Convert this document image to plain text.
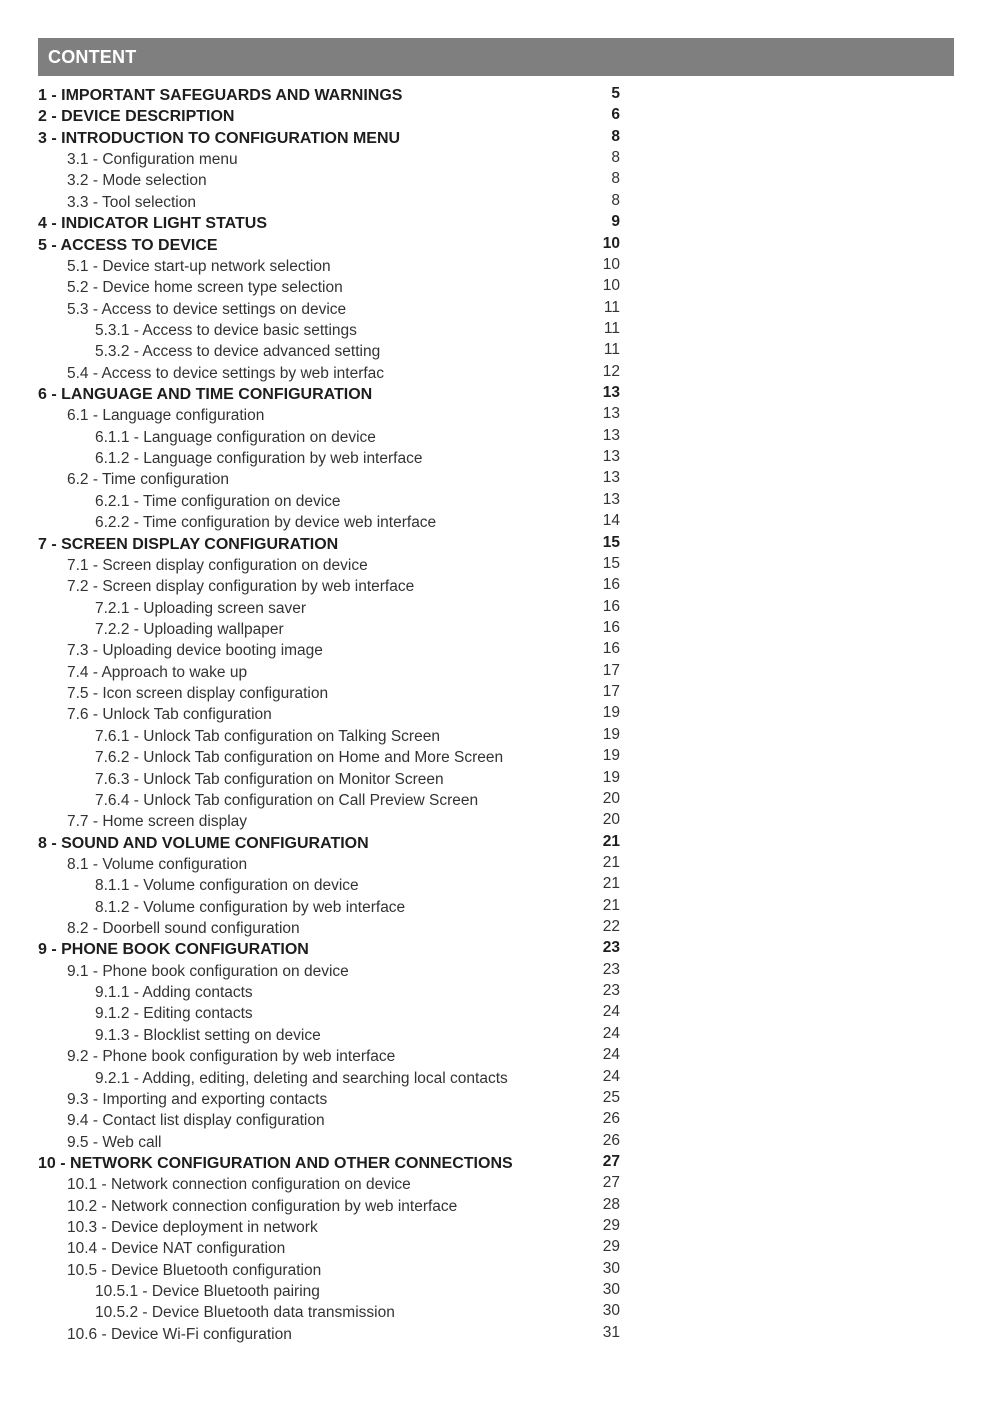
CONTENT
1 - IMPORTANT SAFEGUARDS AND WARNINGS	5
2 - DEVICE DESCRIPTION	6
3 - INTRODUCTION TO CONFIGURATION MENU	8
3.1 - Configuration menu	8
3.2 - Mode selection	8
3.3 - Tool selection	8
4 - INDICATOR LIGHT STATUS	9
5 - ACCESS TO DEVICE	10
5.1 - Device start-up network selection	10
5.2 - Device home screen type selection	10
5.3 - Access to device settings on device	11
5.3.1 - Access to device basic settings	11
5.3.2 - Access to device advanced setting	11
5.4 - Access to device settings by web interfac	12
6 - LANGUAGE AND TIME CONFIGURATION	13
6.1 - Language configuration	13
6.1.1 - Language configuration on device	13
6.1.2 - Language configuration by web interface	13
6.2 - Time configuration	13
6.2.1 - Time configuration on device	13
6.2.2 - Time configuration by device web interface	14
7 - SCREEN DISPLAY CONFIGURATION	15
7.1 - Screen display configuration on device	15
7.2 - Screen display configuration by web interface	16
7.2.1 - Uploading screen saver	16
7.2.2 - Uploading wallpaper	16
7.3 - Uploading device booting image	16
7.4 - Approach to wake up	17
7.5 - Icon screen display configuration	17
7.6 - Unlock Tab configuration	19
7.6.1 - Unlock Tab configuration on Talking Screen	19
7.6.2 - Unlock Tab configuration on Home and More Screen	19
7.6.3 - Unlock Tab configuration on Monitor Screen	19
7.6.4 - Unlock Tab configuration on Call Preview Screen	20
7.7 - Home screen display	20
8 - SOUND AND VOLUME CONFIGURATION	21
8.1 - Volume configuration	21
8.1.1 - Volume configuration on device	21
8.1.2 - Volume configuration by web interface	21
8.2 - Doorbell sound configuration	22
9 - PHONE BOOK CONFIGURATION	23
9.1 - Phone book configuration on device	23
9.1.1 - Adding contacts	23
9.1.2 - Editing contacts	24
9.1.3 - Blocklist setting on device	24
9.2 - Phone book configuration by web interface	24
9.2.1 - Adding, editing, deleting and searching local contacts	24
9.3 - Importing and exporting contacts	25
9.4 - Contact list display configuration	26
9.5 - Web call	26
10 - NETWORK CONFIGURATION AND OTHER CONNECTIONS	27
10.1 - Network connection configuration on device	27
10.2 - Network connection configuration by web interface	28
10.3 - Device deployment in network	29
10.4 - Device NAT configuration	29
10.5 - Device Bluetooth configuration	30
10.5.1 - Device Bluetooth pairing	30
10.5.2 - Device Bluetooth data transmission	30
10.6 - Device Wi-Fi configuration	31
